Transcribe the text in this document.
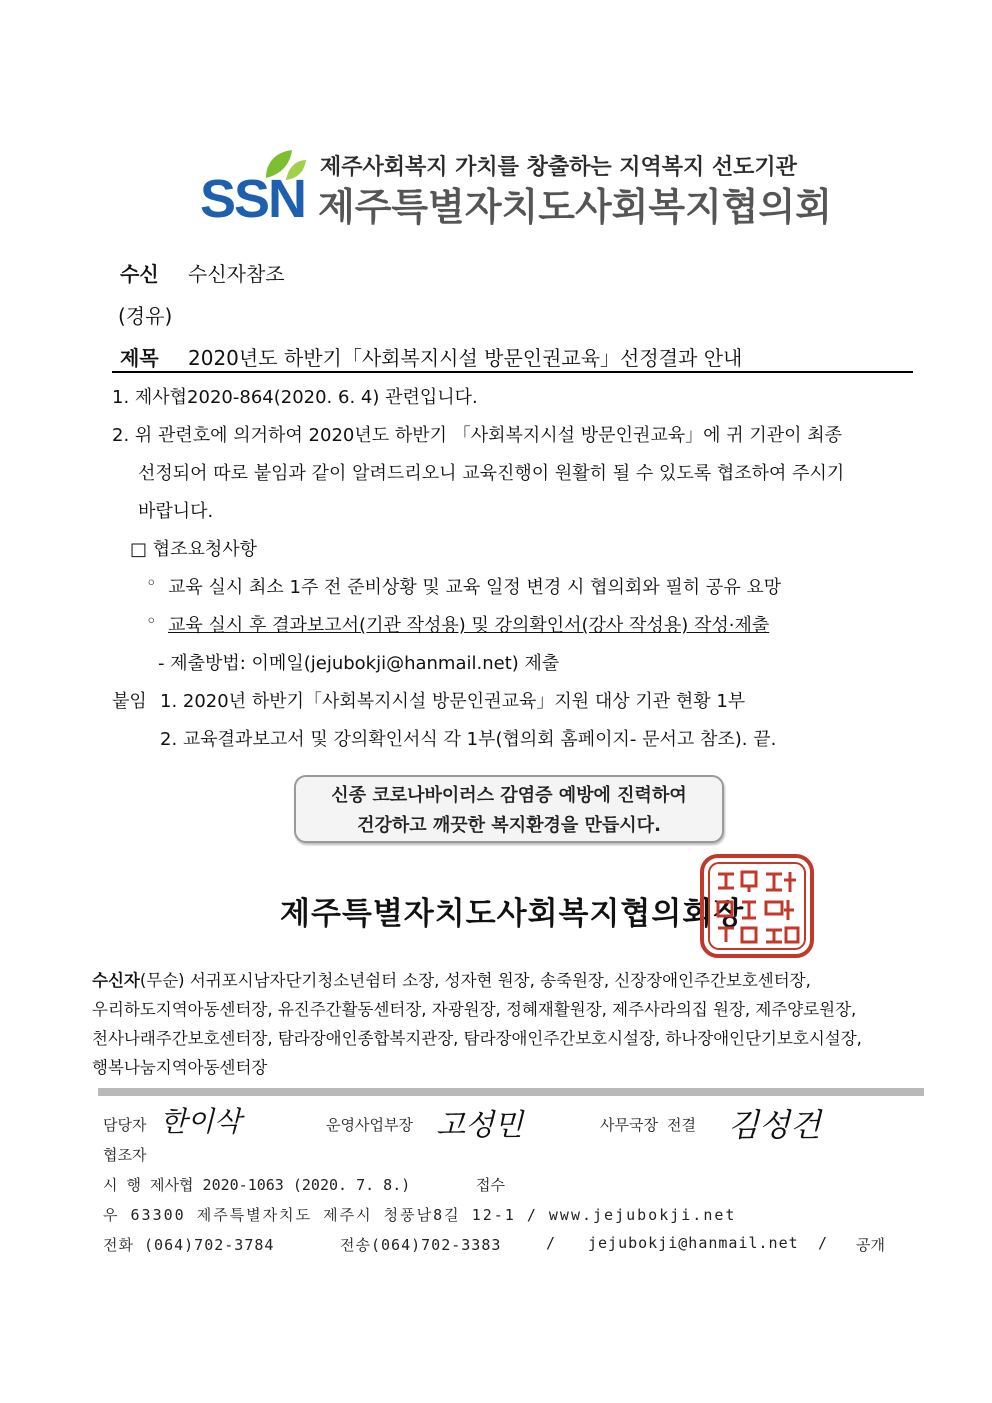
SSN
제주사회복지 가치를 창출하는 지역복지 선도기관
제주특별자치도사회복지협의회
수신 수신자참조
(경유)
제목 2020년도 하반기「사회복지시설 방문인권교육」선정결과 안내
1. 제사협2020-864(2020. 6. 4) 관련입니다.
2. 위 관련호에 의거하여 2020년도 하반기 「사회복지시설 방문인권교육」에 귀 기관이 최종
선정되어 따로 붙임과 같이 알려드리오니 교육진행이 원활히 될 수 있도록 협조하여 주시기
바랍니다.
□ 협조요청사항
◦ 교육 실시 최소 1주 전 준비상황 및 교육 일정 변경 시 협의회와 필히 공유 요망
◦ 교육 실시 후 결과보고서(기관 작성용) 및 강의확인서(강사 작성용) 작성·제출
- 제출방법: 이메일(jejubokji@hanmail.net) 제출
붙임 1. 2020년 하반기「사회복지시설 방문인권교육」지원 대상 기관 현황 1부
2. 교육결과보고서 및 강의확인서식 각 1부(협의회 홈페이지- 문서고 참조). 끝.
신종 코로나바이러스 감염증 예방에 진력하여
건강하고 깨끗한 복지환경을 만듭시다.
제주특별자치도사회복지협의회장
수신자(무순) 서귀포시남자단기청소년쉼터 소장, 성자현 원장, 송죽원장, 신장장애인주간보호센터장,
우리하도지역아동센터장, 유진주간활동센터장, 자광원장, 정혜재활원장, 제주사라의집 원장, 제주양로원장,
천사나래주간보호센터장, 탐라장애인종합복지관장, 탐라장애인주간보호시설장, 하나장애인단기보호시설장,
행복나눔지역아동센터장
담당자 한이삭	운영사업부장 고성민	사무국장 전결 김성건
협조자
시 행 제사협 2020-1063 (2020. 7. 8.)	접수
우 63300 제주특별자치도 제주시 청풍남8길 12-1 / www.jejubokji.net
전화 (064)702-3784	전송(064)702-3383	/ jejubokji@hanmail.net / 공개
